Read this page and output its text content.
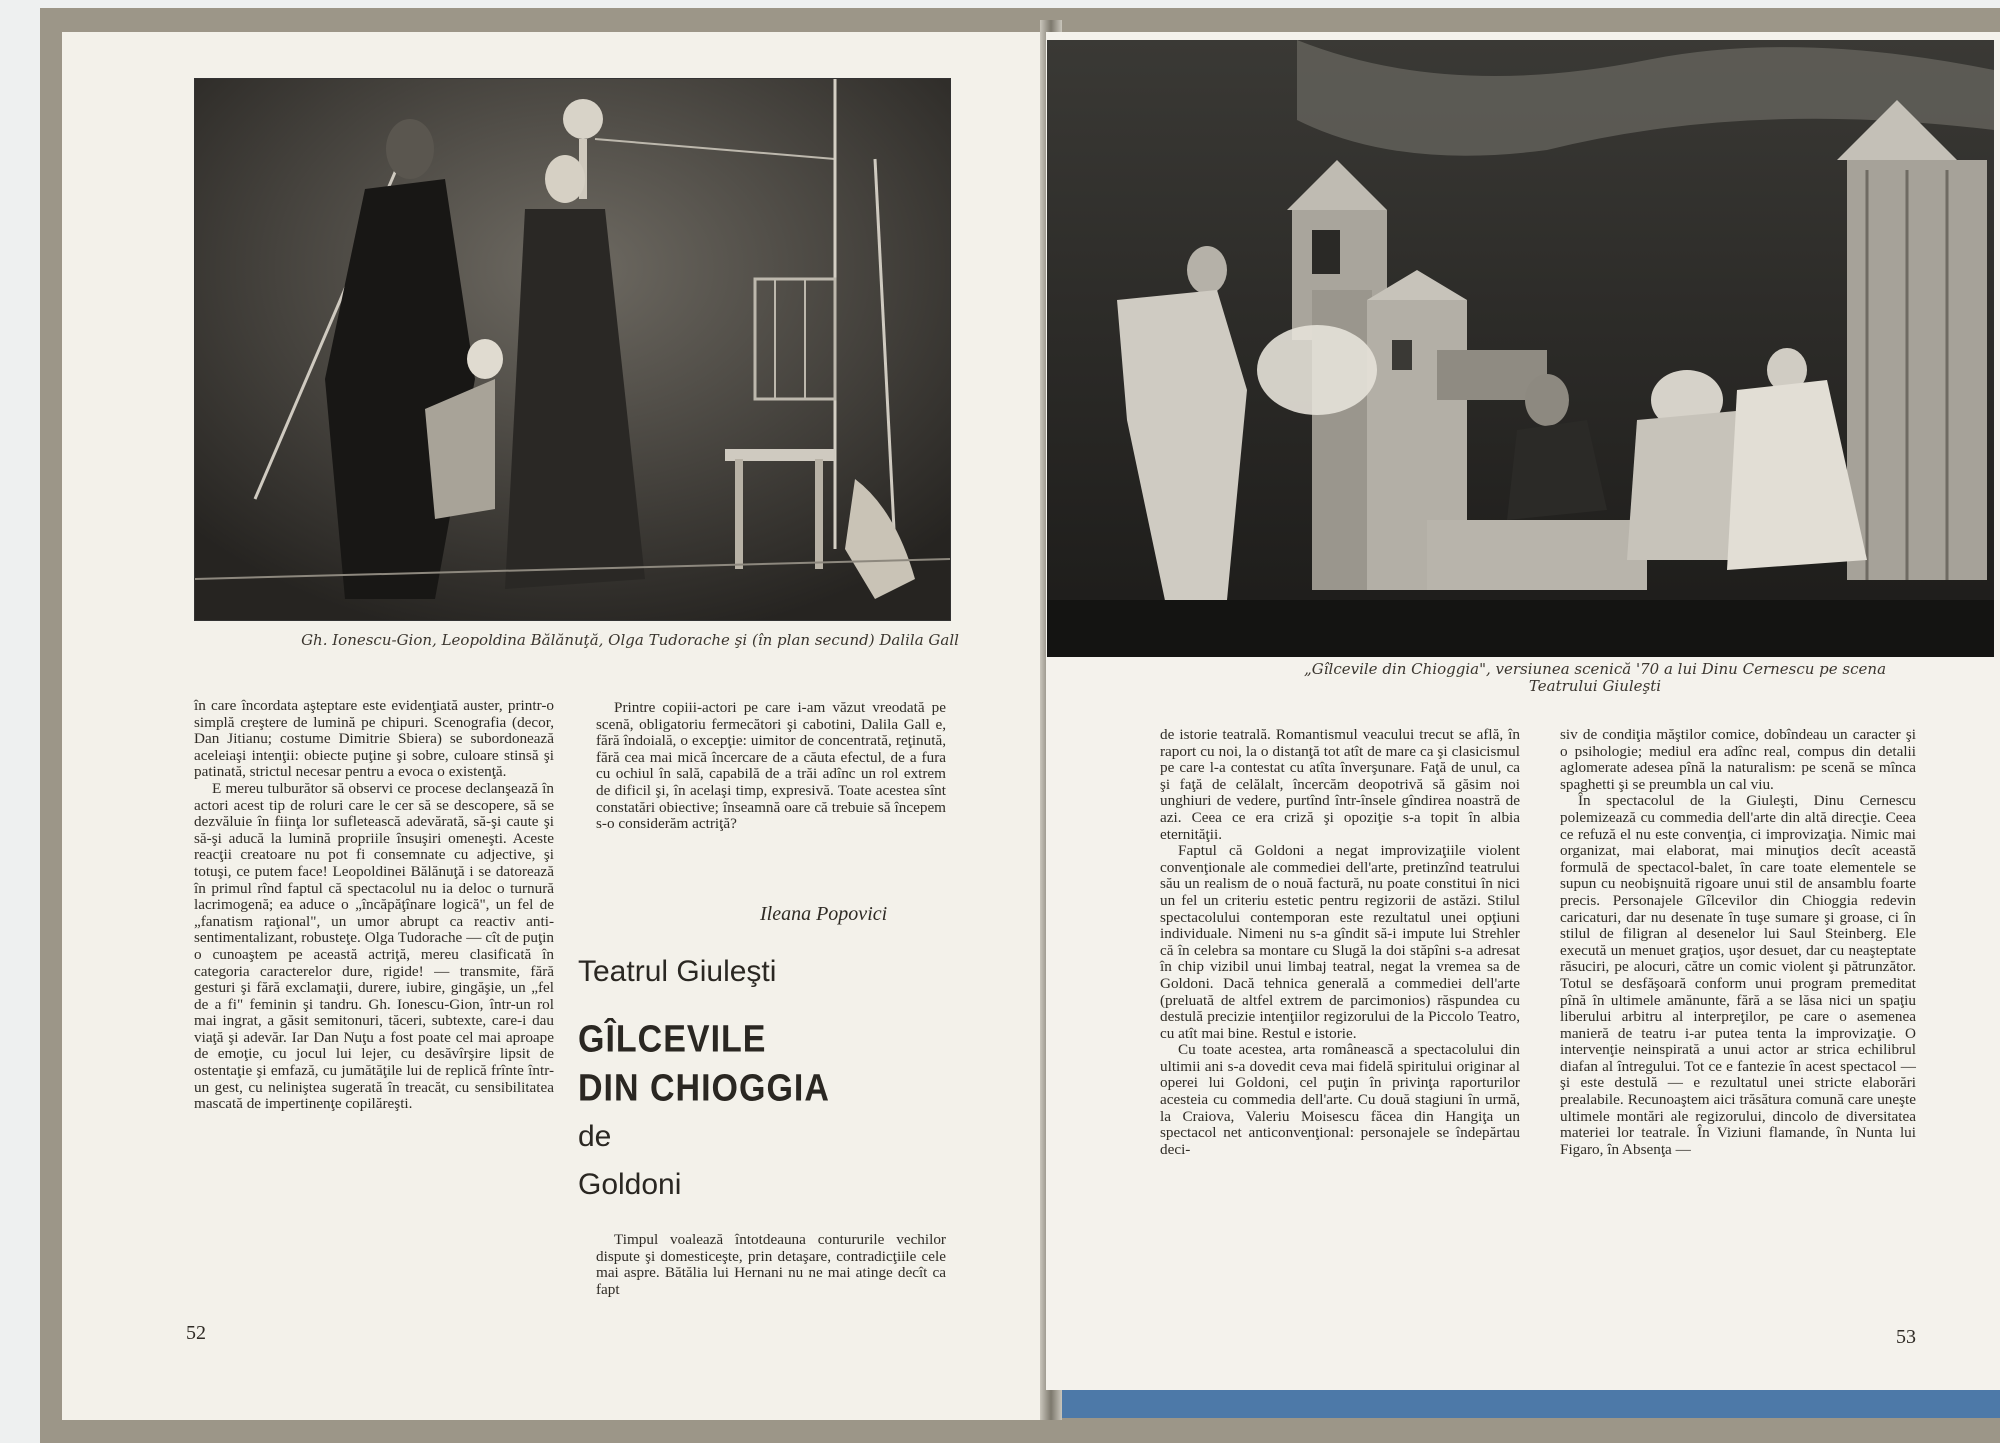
Gh. Ionescu-Gion, Leopoldina Bălănuţă, Olga Tudorache şi (în plan secund) Dalila Gall

în care încordata aşteptare este evidenţiată auster, printr-o simplă creştere de lumină pe chipuri. Scenografia (decor, Dan Jitianu; costume Dimitrie Sbiera) se subordonează aceleiaşi intenţii: obiecte puţine şi sobre, culoare stinsă şi patinată, strictul necesar pentru a evoca o existenţă.

E mereu tulburător să observi ce procese declanşează în actori acest tip de roluri care le cer să se descopere, să se dezvăluie în fiinţa lor sufletească adevărată, să-şi caute şi să-şi aducă la lumină propriile însuşiri omeneşti. Aceste reacţii creatoare nu pot fi consemnate cu adjective, şi totuşi, ce putem face! Leopoldinei Bălănuţă i se datorează în primul rînd faptul că spectacolul nu ia deloc o turnură lacrimogenă; ea aduce o „încăpăţînare logică", un fel de „fanatism raţional", un umor abrupt ca reactiv anti-sentimentalizant, robusteţe. Olga Tudorache — cît de puţin o cunoaştem pe această actriţă, mereu clasificată în categoria caracterelor dure, rigide! — transmite, fără gesturi şi fără exclamaţii, durere, iubire, gingăşie, un „fel de a fi" feminin şi tandru. Gh. Ionescu-Gion, într-un rol mai ingrat, a găsit semitonuri, tăceri, subtexte, care-i dau viaţă şi adevăr. Iar Dan Nuţu a fost poate cel mai aproape de emoţie, cu jocul lui lejer, cu desăvîrşire lipsit de ostentaţie şi emfază, cu jumătăţile lui de replică frînte într-un gest, cu neliniştea sugerată în treacăt, cu sensibilitatea mascată de impertinenţe copilăreşti.

Printre copiii-actori pe care i-am văzut vreodată pe scenă, obligatoriu fermecători şi cabotini, Dalila Gall e, fără îndoială, o excepţie: uimitor de concentrată, reţinută, fără cea mai mică încercare de a căuta efectul, de a fura cu ochiul în sală, capabilă de a trăi adînc un rol extrem de dificil şi, în acelaşi timp, expresivă. Toate acestea sînt constatări obiective; înseamnă oare că trebuie să începem s-o considerăm actriţă?

Ileana Popovici
Teatrul Giuleşti
GÎLCEVILE
DIN CHIOGGIA
de
Goldoni

Timpul voalează întotdeauna contururile vechilor dispute şi domesticeşte, prin detaşare, contradicţiile cele mai aspre. Bătălia lui Hernani nu ne mai atinge decît ca fapt

52
„Gîlcevile din Chioggia", versiunea scenică '70 a lui Dinu Cernescu pe scena Teatrului Giuleşti

de istorie teatrală. Romantismul veacului trecut se află, în raport cu noi, la o distanţă tot atît de mare ca şi clasicismul pe care l-a contestat cu atîta înverşunare. Faţă de unul, ca şi faţă de celălalt, încercăm deopotrivă să găsim noi unghiuri de vedere, purtînd într-însele gîndirea noastră de azi. Ceea ce era criză şi opoziţie s-a topit în albia eternităţii.

Faptul că Goldoni a negat improvizaţiile violent convenţionale ale commediei dell'arte, pretinzînd teatrului său un realism de o nouă factură, nu poate constitui în nici un fel un criteriu estetic pentru regizorii de astăzi. Stilul spectacolului contemporan este rezultatul unei opţiuni individuale. Nimeni nu s-a gîndit să-i impute lui Strehler că în celebra sa montare cu Slugă la doi stăpîni s-a adresat în chip vizibil unui limbaj teatral, negat la vremea sa de Goldoni. Dacă tehnica generală a commediei dell'arte (preluată de altfel extrem de parcimonios) răspundea cu destulă precizie intenţiilor regizorului de la Piccolo Teatro, cu atît mai bine. Restul e istorie.

Cu toate acestea, arta românească a spectacolului din ultimii ani s-a dovedit ceva mai fidelă spiritului originar al operei lui Goldoni, cel puţin în privinţa raporturilor acesteia cu commedia dell'arte. Cu două stagiuni în urmă, la Craiova, Valeriu Moisescu făcea din Hangiţa un spectacol net anticonvenţional: personajele se îndepărtau deci-

siv de condiţia măştilor comice, dobîndeau un caracter şi o psihologie; mediul era adînc real, compus din detalii aglomerate adesea pînă la naturalism: pe scenă se mînca spaghetti şi se preumbla un cal viu.

În spectacolul de la Giuleşti, Dinu Cernescu polemizează cu commedia dell'arte din altă direcţie. Ceea ce refuză el nu este convenţia, ci improvizaţia. Nimic mai organizat, mai elaborat, mai minuţios decît această formulă de spectacol-balet, în care toate elementele se supun cu neobişnuită rigoare unui stil de ansamblu foarte precis. Personajele Gîlcevilor din Chioggia redevin caricaturi, dar nu desenate în tuşe sumare şi groase, ci în stilul de filigran al desenelor lui Saul Steinberg. Ele execută un menuet graţios, uşor desuet, dar cu neaşteptate răsuciri, pe alocuri, către un comic violent şi pătrunzător. Totul se desfăşoară conform unui program premeditat pînă în ultimele amănunte, fără a se lăsa nici un spaţiu liberului arbitru al interpreţilor, pe care o asemenea manieră de teatru i-ar putea tenta la improvizaţie. O intervenţie neinspirată a unui actor ar strica echilibrul diafan al întregului. Tot ce e fantezie în acest spectacol — şi este destulă — e rezultatul unei stricte elaborări prealabile. Recunoaştem aici trăsătura comună care uneşte ultimele montări ale regizorului, dincolo de diversitatea materiei lor teatrale. În Viziuni flamande, în Nunta lui Figaro, în Absenţa —

53
